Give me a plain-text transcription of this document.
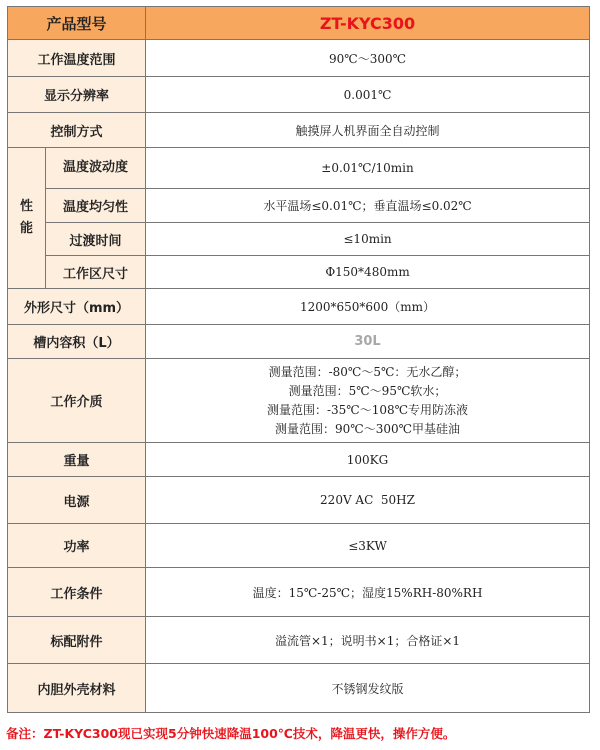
产品型号		ZT-KYC300
工作温度范围		90℃～300℃
显示分辨率		0.001℃
控制方式		触摸屏人机界面全自动控制
性能	温度波动度	±0.01℃/10min
	温度均匀性	水平温场≤0.01℃；垂直温场≤0.02℃
	过渡时间	≤10min
	工作区尺寸	Φ150*480mm
外形尺寸（mm）		1200*650*600（mm）
槽内容积（L）		30L
工作介质		测量范围：-80℃～5℃：无水乙醇；
测量范围：5℃～95℃软水；
测量范围：-35℃～108℃专用防冻液
测量范围：90℃～300℃甲基硅油

重量		100KG
电源		220V AC  50HZ
功率		≤3KW
工作条件		温度：15℃-25℃；湿度15%RH-80%RH
标配附件		溢流管×1；说明书×1；合格证×1
内胆外壳材料		不锈钢发纹版
备注：ZT-KYC300现已实现5分钟快速降温100℃技术，降温更快，操作方便。
